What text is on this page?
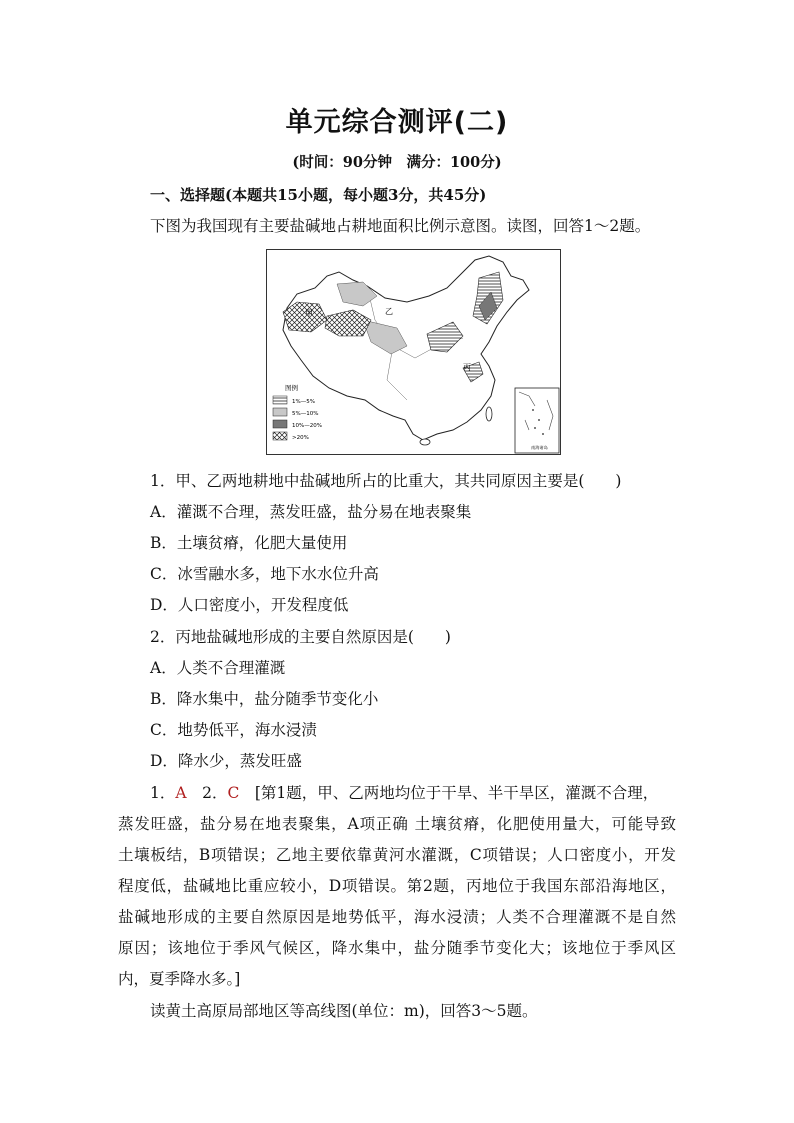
单元综合测评(二)
(时间：90分钟　满分：100分)
一、选择题(本题共15小题，每小题3分，共45分)
下图为我国现有主要盐碱地占耕地面积比例示意图。读图，回答1～2题。
甲	乙
丙
图例
1%—5%
5%—10%
10%—20%
>20%
南海诸岛
1．甲、乙两地耕地中盐碱地所占的比重大，其共同原因主要是(　　)
A．灌溉不合理，蒸发旺盛，盐分易在地表聚集
B．土壤贫瘠，化肥大量使用
C．冰雪融水多，地下水水位升高
D．人口密度小，开发程度低
2．丙地盐碱地形成的主要自然原因是(　　)
A．人类不合理灌溉
B．降水集中，盐分随季节变化小
C．地势低平，海水浸渍
D．降水少，蒸发旺盛
1．A　 2．C　 [第1题，甲、乙两地均位于干旱、半干旱区，灌溉不合理，
蒸发旺盛，盐分易在地表聚集，A项正确 土壤贫瘠，化肥使用量大，可能导致
土壤板结，B项错误；乙地主要依靠黄河水灌溉，C项错误；人口密度小，开发
程度低，盐碱地比重应较小，D项错误。第2题，丙地位于我国东部沿海地区，
盐碱地形成的主要自然原因是地势低平，海水浸渍；人类不合理灌溉不是自然
原因；该地位于季风气候区，降水集中，盐分随季节变化大；该地位于季风区
内，夏季降水多。]
读黄土高原局部地区等高线图(单位：m)，回答3～5题。
